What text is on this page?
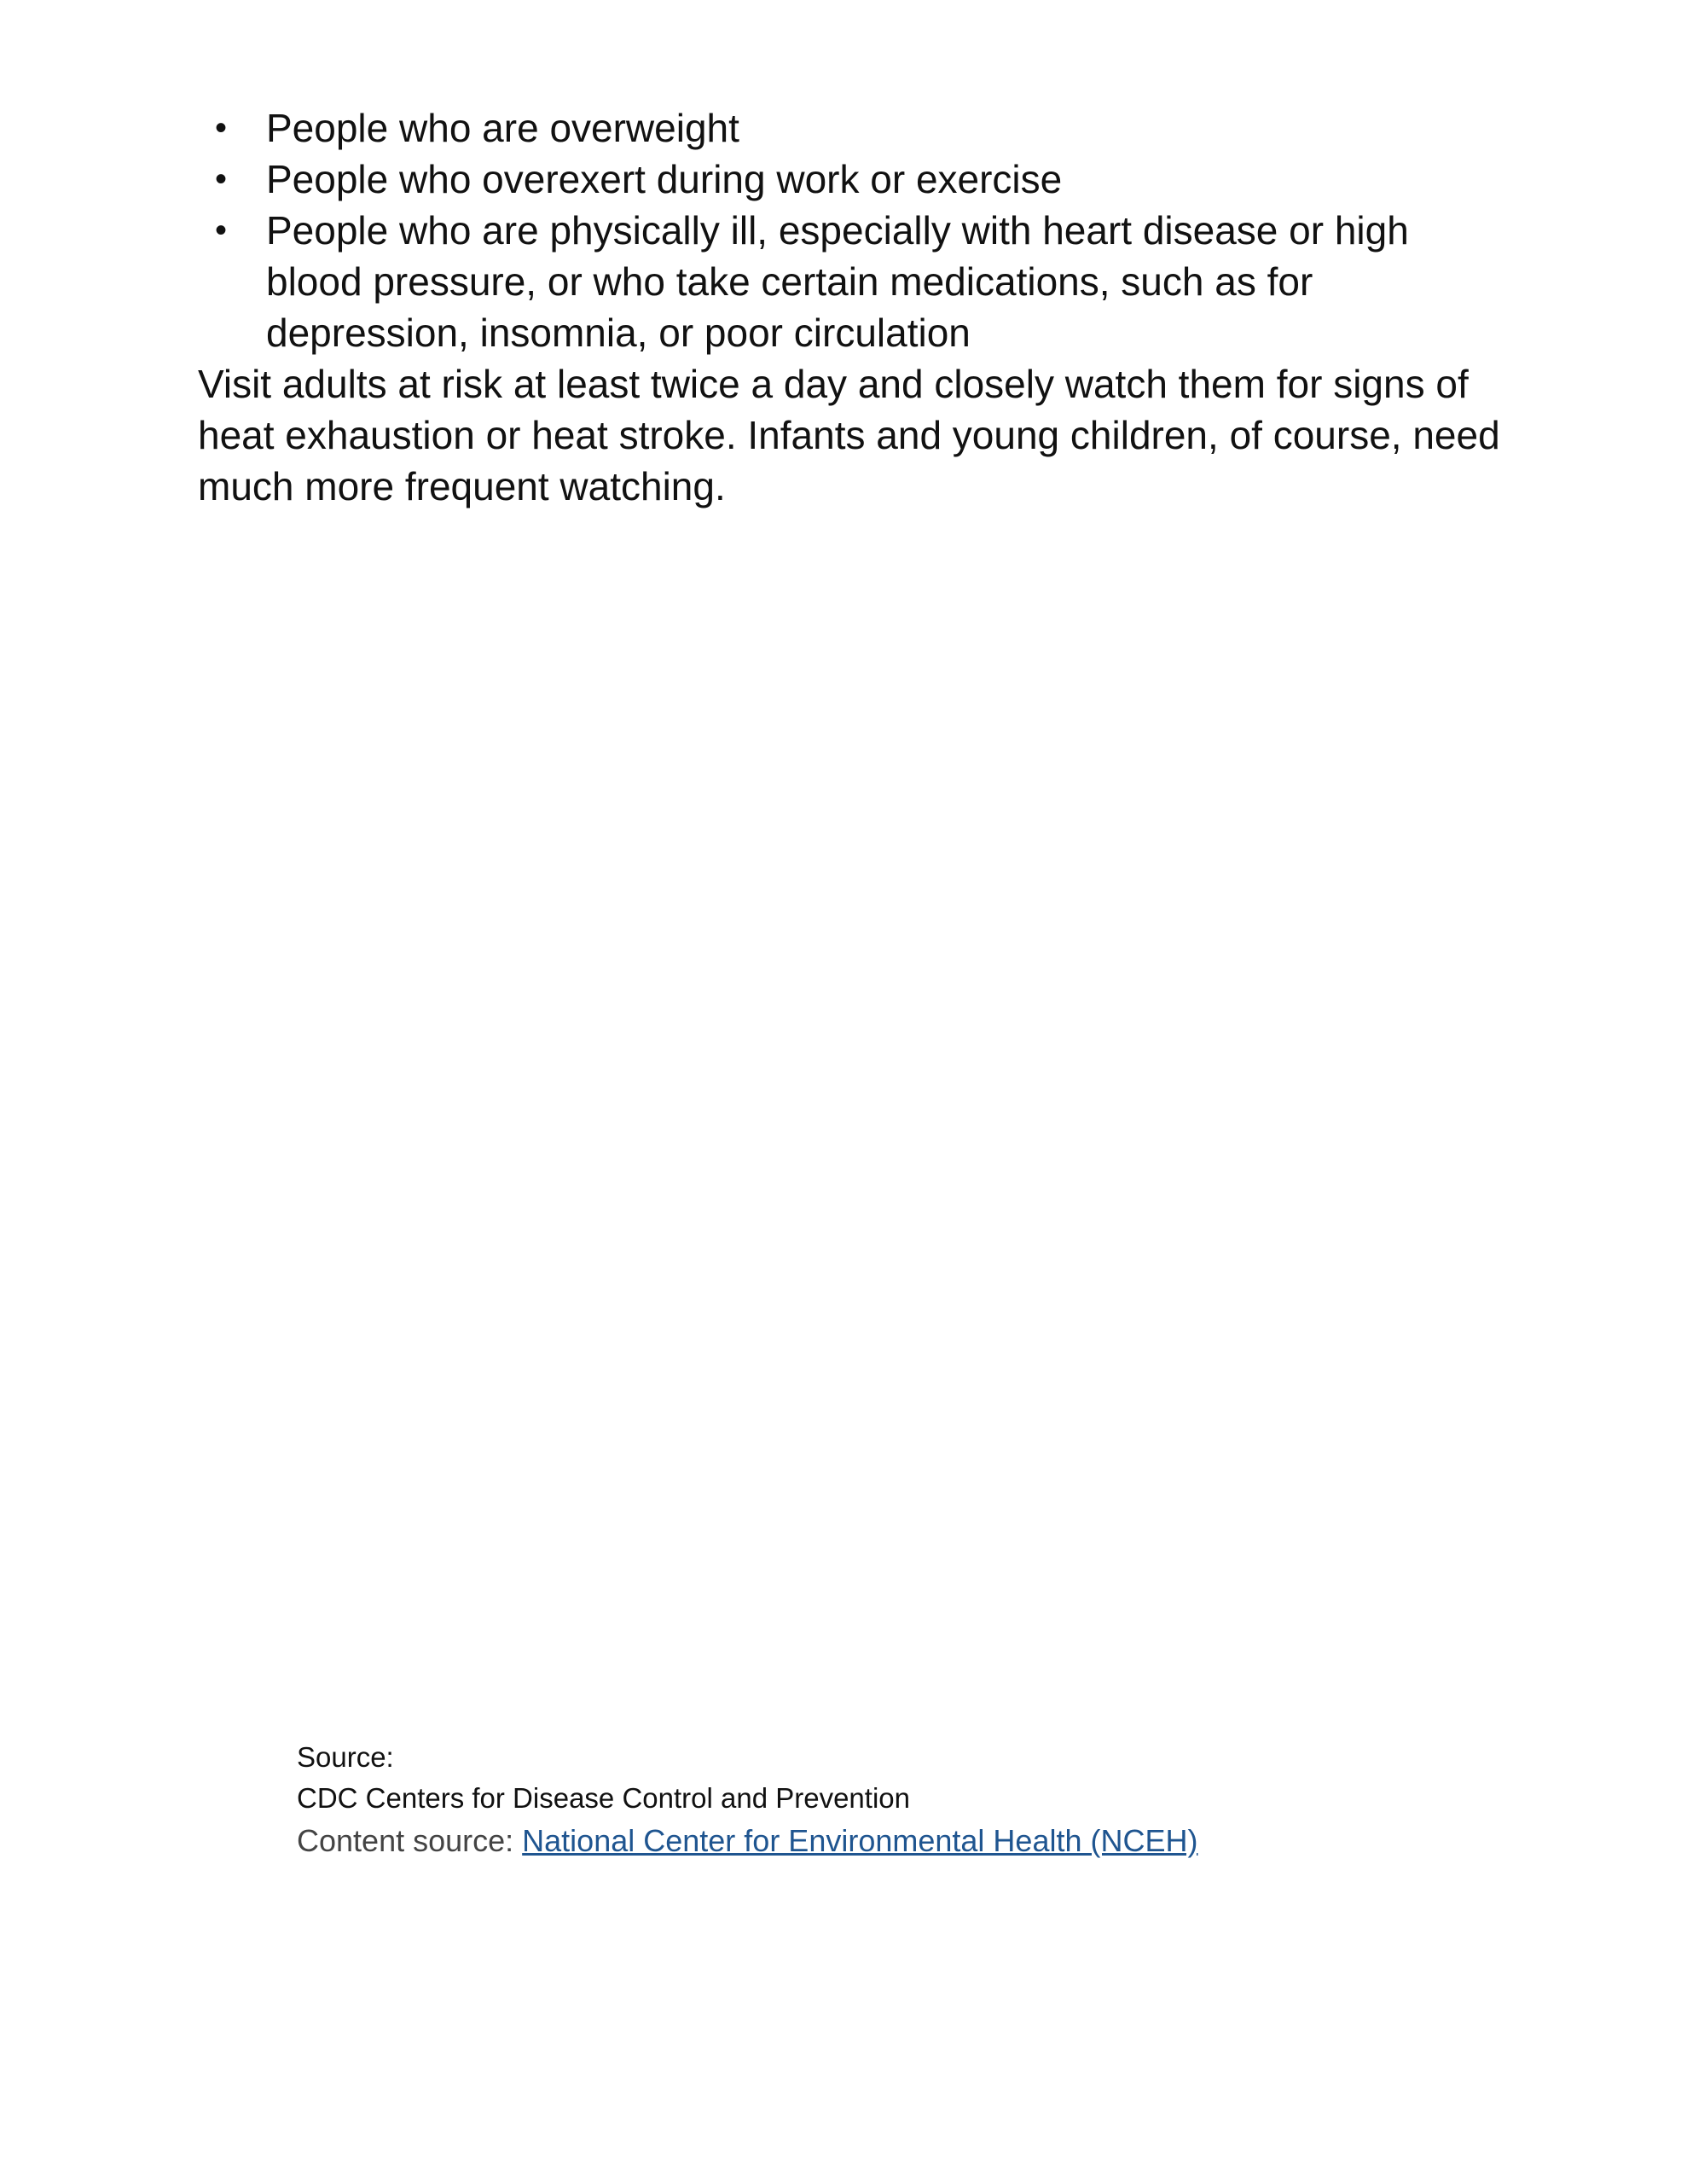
• People who are overweight
• People who overexert during work or exercise
• People who are physically ill, especially with heart disease or high blood pressure, or who take certain medications, such as for depression, insomnia, or poor circulation

Visit adults at risk at least twice a day and closely watch them for signs of heat exhaustion or heat stroke. Infants and young children, of course, need much more frequent watching.

Source:
CDC Centers for Disease Control and Prevention
Content source: National Center for Environmental Health (NCEH)
